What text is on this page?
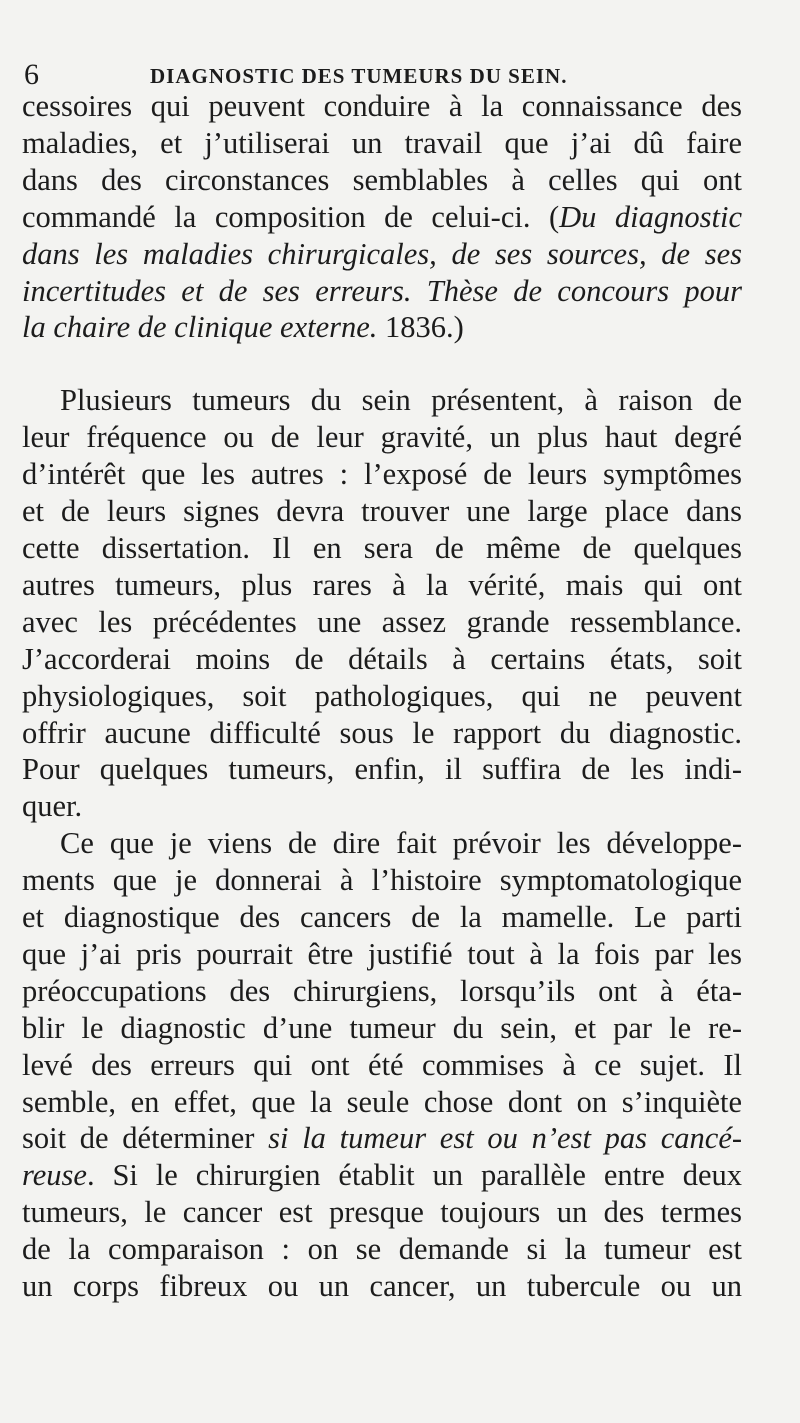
6	DIAGNOSTIC DES TUMEURS DU SEIN.
cessoires qui peuvent conduire à la connaissance des
maladies, et j’utiliserai un travail que j’ai dû faire
dans des circonstances semblables à celles qui ont
commandé la composition de celui-ci. (Du diagnostic
dans les maladies chirurgicales, de ses sources, de ses
incertitudes et de ses erreurs. Thèse de concours pour
la chaire de clinique externe. 1836.)
Plusieurs tumeurs du sein présentent, à raison de
leur fréquence ou de leur gravité, un plus haut degré
d’intérêt que les autres : l’exposé de leurs symptômes
et de leurs signes devra trouver une large place dans
cette dissertation. Il en sera de même de quelques
autres tumeurs, plus rares à la vérité, mais qui ont
avec les précédentes une assez grande ressemblance.
J’accorderai moins de détails à certains états, soit
physiologiques, soit pathologiques, qui ne peuvent
offrir aucune difficulté sous le rapport du diagnostic.
Pour quelques tumeurs, enfin, il suffira de les indi-
quer.
Ce que je viens de dire fait prévoir les développe-
ments que je donnerai à l’histoire symptomatologique
et diagnostique des cancers de la mamelle. Le parti
que j’ai pris pourrait être justifié tout à la fois par les
préoccupations des chirurgiens, lorsqu’ils ont à éta-
blir le diagnostic d’une tumeur du sein, et par le re-
levé des erreurs qui ont été commises à ce sujet. Il
semble, en effet, que la seule chose dont on s’inquiète
soit de déterminer si la tumeur est ou n’est pas cancé-
reuse. Si le chirurgien établit un parallèle entre deux
tumeurs, le cancer est presque toujours un des termes
de la comparaison : on se demande si la tumeur est
un corps fibreux ou un cancer, un tubercule ou un
